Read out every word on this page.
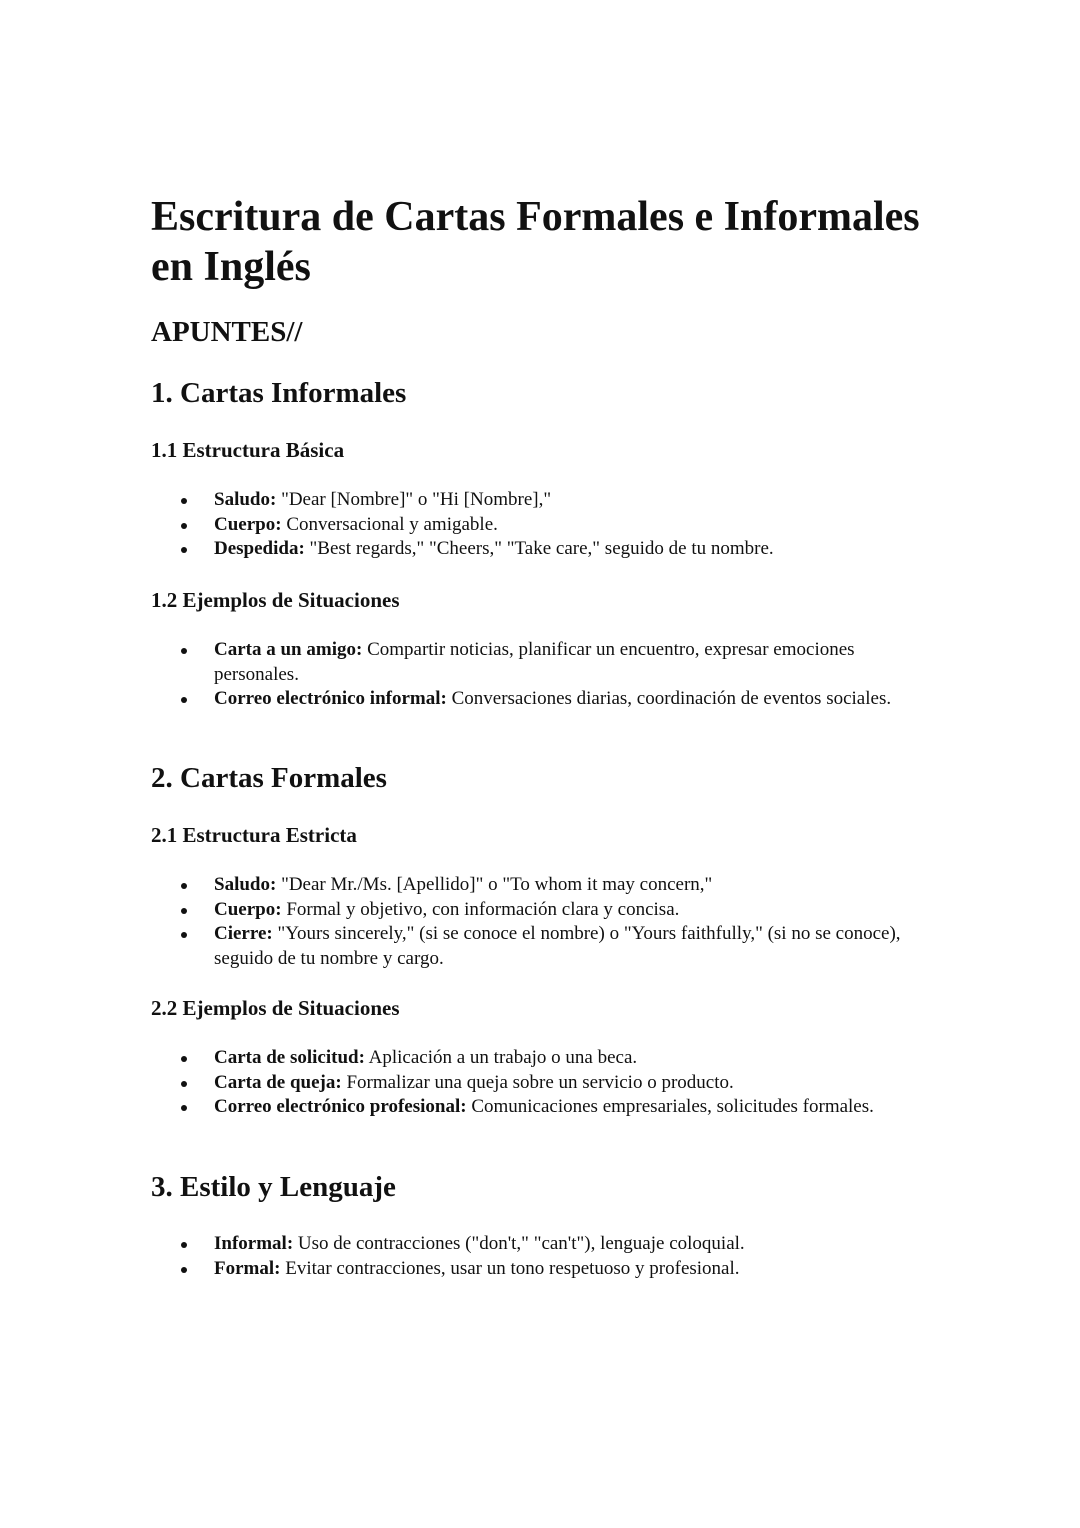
Escritura de Cartas Formales e Informales en Inglés
APUNTES//
1. Cartas Informales
1.1 Estructura Básica
Saludo: "Dear [Nombre]" o "Hi [Nombre],"
Cuerpo: Conversacional y amigable.
Despedida: "Best regards," "Cheers," "Take care," seguido de tu nombre.
1.2 Ejemplos de Situaciones
Carta a un amigo: Compartir noticias, planificar un encuentro, expresar emociones personales.
Correo electrónico informal: Conversaciones diarias, coordinación de eventos sociales.
2. Cartas Formales
2.1 Estructura Estricta
Saludo: "Dear Mr./Ms. [Apellido]" o "To whom it may concern,"
Cuerpo: Formal y objetivo, con información clara y concisa.
Cierre: "Yours sincerely," (si se conoce el nombre) o "Yours faithfully," (si no se conoce), seguido de tu nombre y cargo.
2.2 Ejemplos de Situaciones
Carta de solicitud: Aplicación a un trabajo o una beca.
Carta de queja: Formalizar una queja sobre un servicio o producto.
Correo electrónico profesional: Comunicaciones empresariales, solicitudes formales.
3. Estilo y Lenguaje
Informal: Uso de contracciones ("don't," "can't"), lenguaje coloquial.
Formal: Evitar contracciones, usar un tono respetuoso y profesional.
